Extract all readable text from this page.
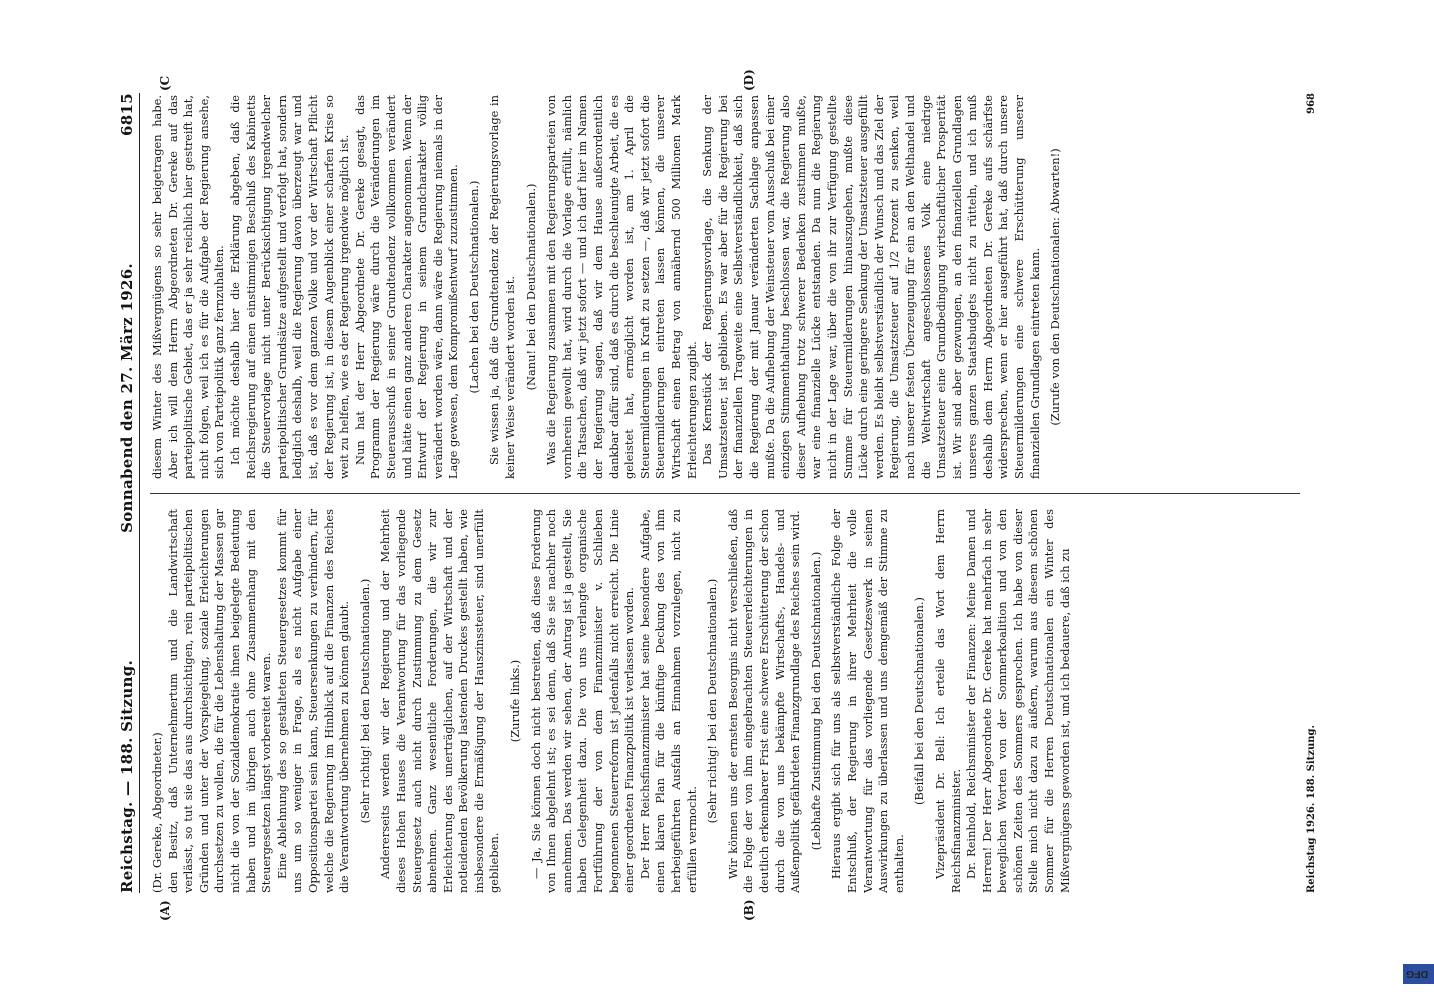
Reichstag. — 188. Sitzung.
Sonnabend den 27. März 1926.
6815
(A)	(B)
(C	(D)

(Dr. Gereke, Abgeordneter.) den Besitz, daß Unternehmertum und die Landwirtschaft verlässt, so tut sie das aus durchsichtigen, rein parteipolitischen Gründen und unter der Vorspiegelung, soziale Erleichterungen durchsetzen zu wollen, die für die Lebenshaltung der Massen gar nicht die von der Sozialdemokratie ihnen beigelegte Bedeutung haben und im übrigen auch ohne Zusammenhang mit den Steuergesetzen längst vorbereitet waren. Eine Ablehnung des so gestalteten Steuergesetzes kommt für uns um so weniger in Frage, als es nicht Aufgabe einer Oppositionspartei sein kann, Steuersenkungen zu verhindern, für welche die Regierung im Hinblick auf die Finanzen des Reiches die Verantwortung übernehmen zu können glaubt. (Sehr richtig! bei den Deutschnationalen.) Andererseits werden wir der Regierung und der Mehrheit dieses Hohen Hauses die Verantwortung für das vorliegende Steuergesetz auch nicht durch Zustimmung zu dem Gesetz abnehmen. Ganz wesentliche Forderungen, die wir zur Erleichterung des unerträglichen, auf der Wirtschaft und der notleidenden Bevölkerung lastenden Druckes gestellt haben, wie insbesondere die Ermäßigung der Hauszinssteuer, sind unerfüllt geblieben.

(Zurufe links.) — Ja, Sie können doch nicht bestreiten, daß diese Forderung von Ihnen abgelehnt ist; es sei denn, daß Sie sie nachher noch annehmen. Das werden wir sehen, der Antrag ist ja gestellt, Sie haben Gelegenheit dazu. Die von uns verlangte organische Fortführung der von dem Finanzminister v. Schlieben begonnenen Steuerreform ist jedenfalls nicht erreicht. Die Linie einer geordneten Finanzpolitik ist verlassen worden. Der Herr Reichsfinanzminister hat seine besondere Aufgabe, einen klaren Plan für die künftige Deckung des von ihm herbeigeführten Ausfalls an Einnahmen vorzulegen, nicht zu erfüllen vermocht.

(Sehr richtig! bei den Deutschnationalen.) Wir können uns der ernsten Besorgnis nicht verschließen, daß die Folge der von ihm eingebrachten Steuererleichterungen in deutlich erkennbarer Frist eine schwere Erschütterung der schon durch die von uns bekämpfte Wirtschafts-, Handels- und Außenpolitik gefährdeten Finanzgrundlage des Reiches sein wird. (Lebhafte Zustimmung bei den Deutschnationalen.) Hieraus ergibt sich für uns als selbstverständliche Folge der Entschluß, der Regierung in ihrer Mehrheit die volle Verantwortung für das vorliegende Gesetzeswerk in seinen Auswirkungen zu überlassen und uns demgemäß der Stimme zu enthalten.

(Beifall bei den Deutschnationalen.) Vizepräsident Dr. Bell: Ich erteile das Wort dem Herrn Reichsfinanzminister. Dr. Reinhold, Reichsminister der Finanzen: Meine Damen und Herren! Der Herr Abgeordnete Dr. Gereke hat mehrfach in sehr beweglichen Worten von der Sommerkoalition und von den schönen Zeiten des Sommers gesprochen. Ich habe von dieser Stelle mich nicht dazu zu äußern, warum aus diesem schönen Sommer für die Herren Deutschnationalen ein Winter des Mißvergnügens geworden ist, und ich bedauere, daß ich zu

diesem Winter des Mißvergnügens so sehr beigetragen habe. Aber ich will dem Herrn Abgeordneten Dr. Gereke auf das parteipolitische Gebiet, das er ja sehr reichlich hier gestreift hat, nicht folgen, weil ich es für die Aufgabe der Regierung ansehe, sich von Parteipolitik ganz fernzuhalten. Ich möchte deshalb hier die Erklärung abgeben, daß die Reichsregierung auf einen einstimmigen Beschluß des Kabinetts die Steuervorlage nicht unter Berücksichtigung irgendwelcher parteipolitischer Grundsätze aufgestellt und verfolgt hat, sondern lediglich deshalb, weil die Regierung davon überzeugt war und ist, daß es vor dem ganzen Volke und vor der Wirtschaft Pflicht der Regierung ist, in diesem Augenblick einer scharfen Krise so weit zu helfen, wie es der Regierung irgendwie möglich ist. Nun hat der Herr Abgeordnete Dr. Gereke gesagt, das Programm der Regierung wäre durch die Veränderungen im Steuerausschuß in seiner Grundtendenz vollkommen verändert und hätte einen ganz anderen Charakter angenommen. Wenn der Entwurf der Regierung in seinem Grundcharakter völlig verändert worden wäre, dann wäre die Regierung niemals in der Lage gewesen, dem Kompromißentwurf zuzustimmen. (Lachen bei den Deutschnationalen.) Sie wissen ja, daß die Grundtendenz der Regierungsvorlage in keiner Weise verändert worden ist. (Nanu! bei den Deutschnationalen.) Was die Regierung zusammen mit den Regierungsparteien von vornherein gewollt hat, wird durch die Vorlage erfüllt, nämlich die Tatsachen, daß wir jetzt sofort — und ich darf hier im Namen der Regierung sagen, daß wir dem Hause außerordentlich dankbar dafür sind, daß es durch die beschleunigte Arbeit, die es geleistet hat, ermöglicht worden ist, am 1. April die Steuermilderungen in Kraft zu setzen —, daß wir jetzt sofort die Steuermilderungen eintreten lassen können, die unserer Wirtschaft einen Betrag von annähernd 500 Millionen Mark Erleichterungen zugibt. Das Kernstück der Regierungsvorlage, die Senkung der Umsatzsteuer, ist geblieben. Es war aber für die Regierung bei der finanziellen Tragweite eine Selbstverständlichkeit, daß sich die Regierung der mit Januar veränderten Sachlage anpassen mußte. Da die Aufhebung der Weinsteuer vom Ausschuß bei einer einzigen Stimmenthaltung beschlossen war, die Regierung also dieser Aufhebung trotz schwerer Bedenken zustimmen mußte, war eine finanzielle Lücke entstanden. Da nun die Regierung nicht in der Lage war, über die von ihr zur Verfügung gestellte Summe für Steuermilderungen hinauszugehen, mußte diese Lücke durch eine geringere Senkung der Umsatzsteuer ausgefüllt werden. Es bleibt selbstverständlich der Wunsch und das Ziel der Regierung, die Umsatzsteuer auf 1/2 Prozent zu senken, weil nach unserer festen Überzeugung für ein an den Welthandel und die Weltwirtschaft angeschlossenes Volk eine niedrige Umsatzsteuer eine Grundbedingung wirtschaftlicher Prosperität ist. Wir sind aber gezwungen, an den finanziellen Grundlagen unseres ganzen Staatsbudgets nicht zu rütteln, und ich muß deshalb dem Herrn Abgeordneten Dr. Gereke aufs schärfste widersprechen, wenn er hier ausgeführt hat, daß durch unsere Steuermilderungen eine schwere Erschütterung unserer finanziellen Grundlagen eintreten kann. (Zurufe von den Deutschnationalen: Abwarten!)

Reichstag 1926. 188. Sitzung.
968
DFG
